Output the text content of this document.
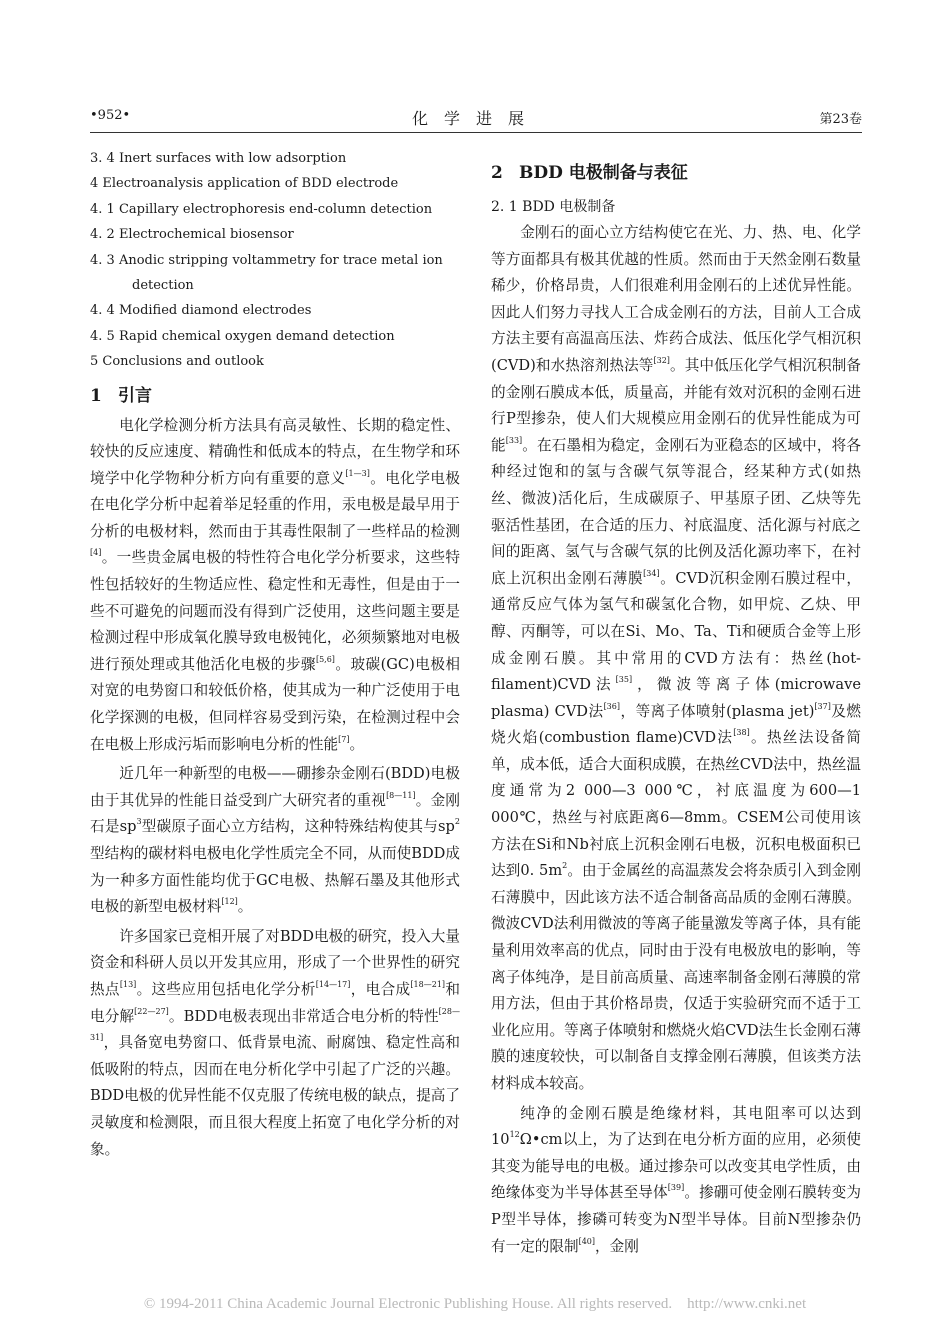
•952•	化学进展	第23卷
3. 4 Inert surfaces with low adsorption
4 Electroanalysis application of BDD electrode
4. 1 Capillary electrophoresis end-column detection
4. 2 Electrochemical biosensor
4. 3 Anodic stripping voltammetry for trace metal ion
detection
4. 4 Modified diamond electrodes
4. 5 Rapid chemical oxygen demand detection
5 Conclusions and outlook
1 引言

电化学检测分析方法具有高灵敏性、长期的稳定性、较快的反应速度、精确性和低成本的特点，在生物学和环境学中化学物种分析方向有重要的意义[1—3]。电化学电极在电化学分析中起着举足轻重的作用，汞电极是最早用于分析的电极材料，然而由于其毒性限制了一些样品的检测[4]。一些贵金属电极的特性符合电化学分析要求，这些特性包括较好的生物适应性、稳定性和无毒性，但是由于一些不可避免的问题而没有得到广泛使用，这些问题主要是检测过程中形成氧化膜导致电极钝化，必须频繁地对电极进行预处理或其他活化电极的步骤[5,6]。玻碳(GC)电极相对宽的电势窗口和较低价格，使其成为一种广泛使用于电化学探测的电极，但同样容易受到污染，在检测过程中会在电极上形成污垢而影响电分析的性能[7]。

近几年一种新型的电极——硼掺杂金刚石(BDD)电极由于其优异的性能日益受到广大研究者的重视[8—11]。金刚石是$sp^3$型碳原子面心立方结构，这种特殊结构使其与$sp^2$型结构的碳材料电极电化学性质完全不同，从而使BDD成为一种多方面性能均优于GC电极、热解石墨及其他形式电极的新型电极材料[12]。

许多国家已竞相开展了对BDD电极的研究，投入大量资金和科研人员以开发其应用，形成了一个世界性的研究热点[13]。这些应用包括电化学分析[14—17]，电合成[18—21]和电分解[22—27]。BDD电极表现出非常适合电分析的特性[28—31]，具备宽电势窗口、低背景电流、耐腐蚀、稳定性高和低吸附的特点，因而在电分析化学中引起了广泛的兴趣。BDD电极的优异性能不仅克服了传统电极的缺点，提高了灵敏度和检测限，而且很大程度上拓宽了电化学分析的对象。

2 BDD 电极制备与表征
2. 1 BDD 电极制备

金刚石的面心立方结构使它在光、力、热、电、化学等方面都具有极其优越的性质。然而由于天然金刚石数量稀少，价格昂贵，人们很难利用金刚石的上述优异性能。因此人们努力寻找人工合成金刚石的方法，目前人工合成方法主要有高温高压法、炸药合成法、低压化学气相沉积(CVD)和水热溶剂热法等[32]。其中低压化学气相沉积制备的金刚石膜成本低，质量高，并能有效对沉积的金刚石进行P型掺杂，使人们大规模应用金刚石的优异性能成为可能[33]。在石墨相为稳定，金刚石为亚稳态的区域中，将各种经过饱和的氢与含碳气氛等混合，经某种方式(如热丝、微波)活化后，生成碳原子、甲基原子团、乙炔等先驱活性基团，在合适的压力、衬底温度、活化源与衬底之间的距离、氢气与含碳气氛的比例及活化源功率下，在衬底上沉积出金刚石薄膜[34]。CVD沉积金刚石膜过程中，通常反应气体为氢气和碳氢化合物，如甲烷、乙炔、甲醇、丙酮等，可以在Si、Mo、Ta、Ti和硬质合金等上形成金刚石膜。其中常用的CVD方法有：热丝(hot-filament)CVD法[35]，微波等离子体(microwave plasma) CVD法[36]，等离子体喷射(plasma jet)[37]及燃烧火焰(combustion flame)CVD法[38]。热丝法设备简单，成本低，适合大面积成膜，在热丝CVD法中，热丝温度通常为2 000—3 000℃，衬底温度为600—1 000℃，热丝与衬底距离6—8mm。CSEM公司使用该方法在Si和Nb衬底上沉积金刚石电极，沉积电极面积已达到0. $5m^2$。由于金属丝的高温蒸发会将杂质引入到金刚石薄膜中，因此该方法不适合制备高品质的金刚石薄膜。微波CVD法利用微波的等离子能量激发等离子体，具有能量利用效率高的优点，同时由于没有电极放电的影响，等离子体纯净，是目前高质量、高速率制备金刚石薄膜的常用方法，但由于其价格昂贵，仅适于实验研究而不适于工业化应用。等离子体喷射和燃烧火焰CVD法生长金刚石薄膜的速度较快，可以制备自支撑金刚石薄膜，但该类方法材料成本较高。

纯净的金刚石膜是绝缘材料，其电阻率可以达到$10^{12}\Omega•cm$以上，为了达到在电分析方面的应用，必须使其变为能导电的电极。通过掺杂可以改变其电学性质，由绝缘体变为半导体甚至导体[39]。掺硼可使金刚石膜转变为P型半导体，掺磷可转变为N型半导体。目前N型掺杂仍有一定的限制[40]，金刚

© 1994-2011 China Academic Journal Electronic Publishing House. All rights reserved. http://www.cnki.net
